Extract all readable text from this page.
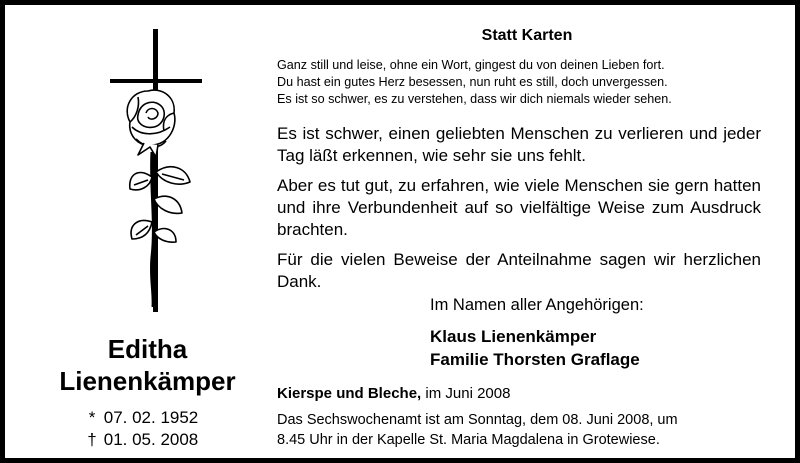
Editha
Lienenkämper
* 07. 02. 1952
† 01. 05. 2008
Statt Karten
Ganz still und leise, ohne ein Wort, gingest du von deinen Lieben fort.
Du hast ein gutes Herz besessen, nun ruht es still, doch unvergessen.
Es ist so schwer, es zu verstehen, dass wir dich niemals wieder sehen.
Es ist schwer, einen geliebten Menschen zu verlieren und jeder Tag läßt erkennen, wie sehr sie uns fehlt.
Aber es tut gut, zu erfahren, wie viele Menschen sie gern hatten und ihre Verbundenheit auf so vielfältige Weise zum Ausdruck brachten.
Für die vielen Beweise der Anteilnahme sagen wir herzlichen Dank.
Im Namen aller Angehörigen:
Klaus Lienenkämper
Familie Thorsten Graflage
Kierspe und Bleche, im Juni 2008
Das Sechswochenamt ist am Sonntag, dem 08. Juni 2008, um
8.45 Uhr in der Kapelle St. Maria Magdalena in Grotewiese.
